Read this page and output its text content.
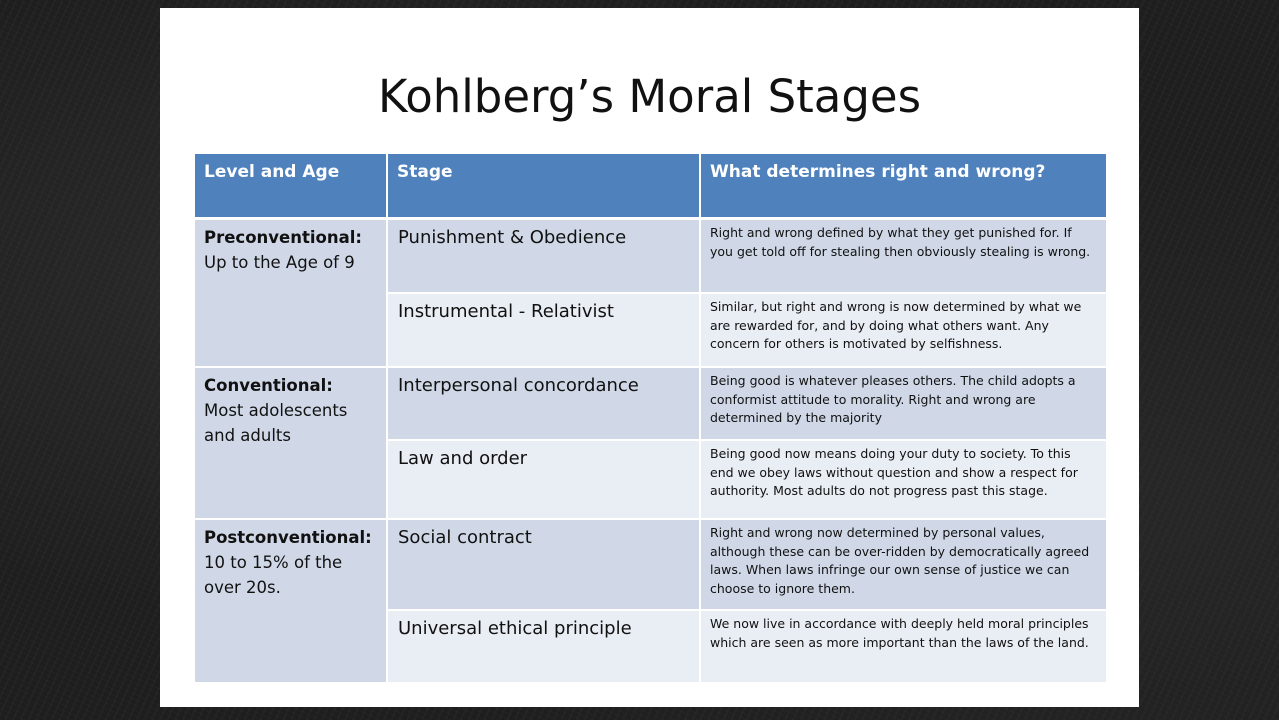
Kohlberg’s Moral Stages
Level and Age	Stage	What determines right and wrong?
Preconventional:
Up to the Age of 9	Punishment & Obedience	Right and wrong defined by what they get punished for. If you get told off for stealing then obviously stealing is wrong.
	Instrumental - Relativist	Similar, but right and wrong is now determined by what we are rewarded for, and by doing what others want. Any concern for others is motivated by selfishness.
Conventional:
Most adolescents and adults	Interpersonal concordance	Being good is whatever pleases others. The child adopts a conformist attitude to morality. Right and wrong are determined by the majority
	Law and order	Being good now means doing your duty to society. To this end we obey laws without question and show a respect for authority. Most adults do not progress past this stage.
Postconventional:
10 to 15% of the over 20s.	Social contract	Right and wrong now determined by personal values, although these can be over-ridden by democratically agreed laws. When laws infringe our own sense of justice we can choose to ignore them.
	Universal ethical principle	We now live in accordance with deeply held moral principles which are seen as more important than the laws of the land.
